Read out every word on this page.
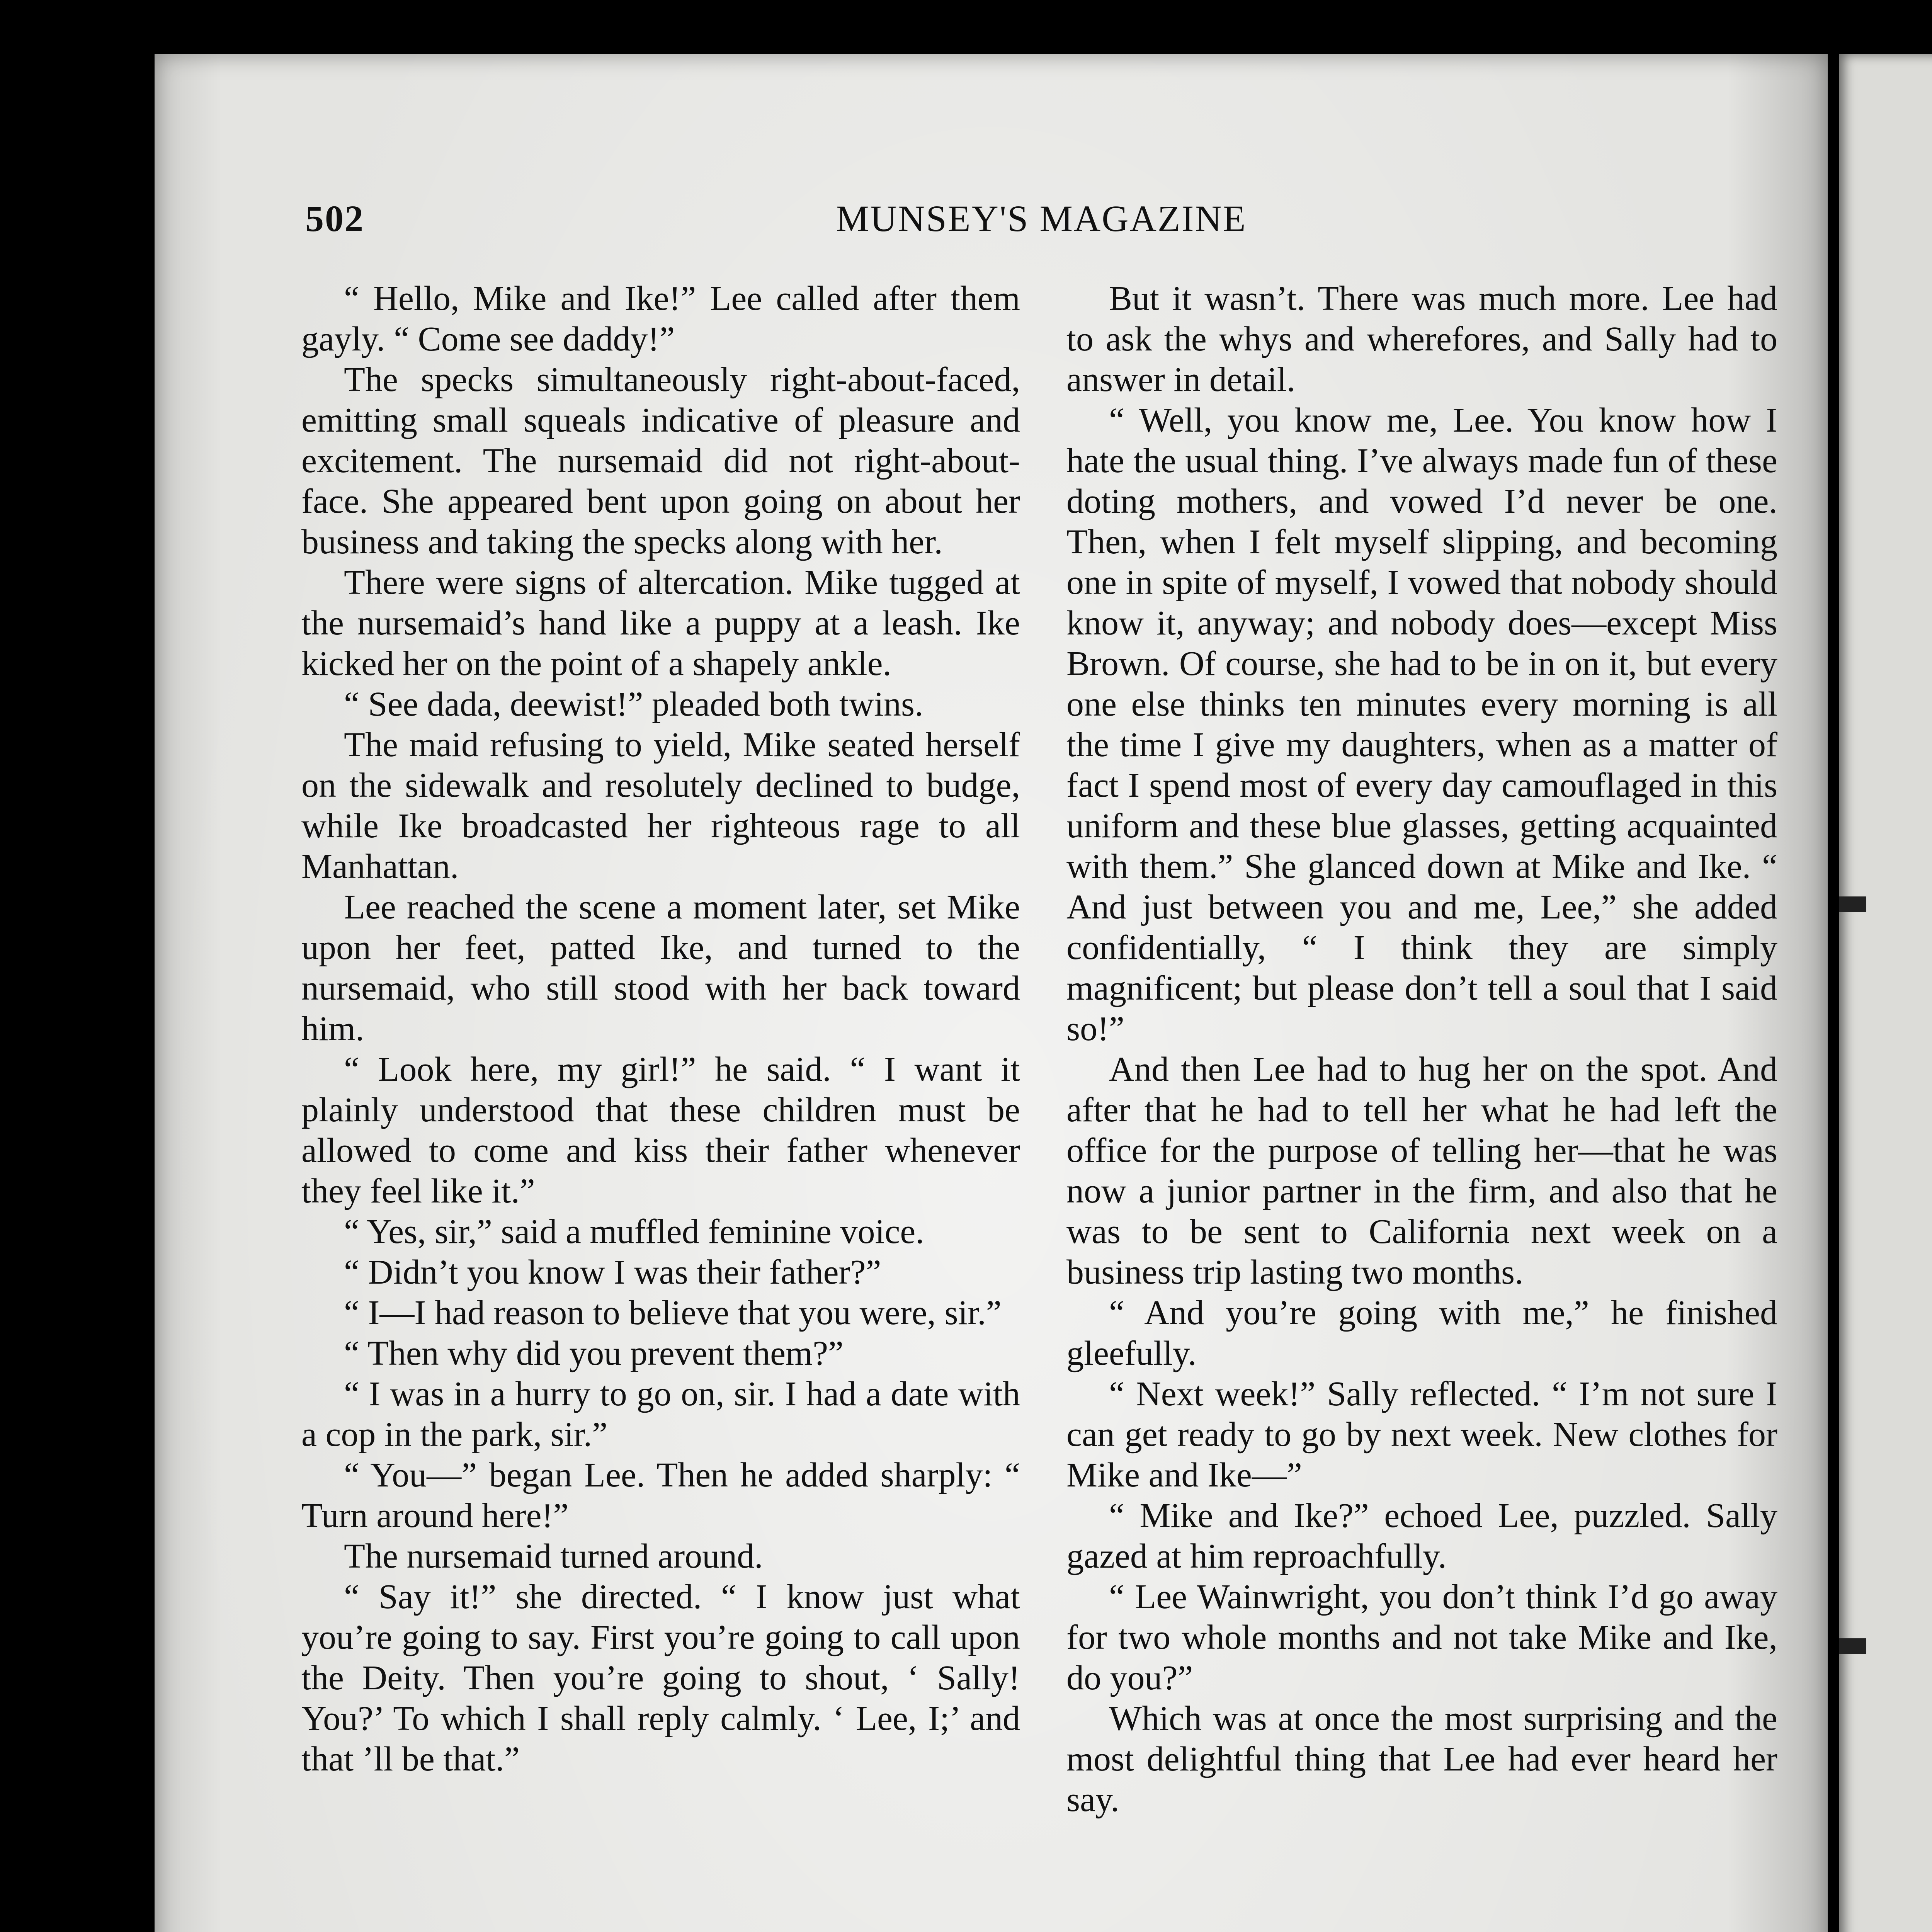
502	MUNSEY'S MAGAZINE

“ Hello, Mike and Ike!” Lee called after them gayly. “ Come see daddy!”

The specks simultaneously right-about-faced, emitting small squeals indicative of pleasure and excitement. The nursemaid did not right-about-face. She appeared bent upon going on about her business and taking the specks along with her.

There were signs of altercation. Mike tugged at the nursemaid’s hand like a puppy at a leash. Ike kicked her on the point of a shapely ankle.

“ See dada, deewist!” pleaded both twins.

The maid refusing to yield, Mike seated herself on the sidewalk and resolutely declined to budge, while Ike broadcasted her righteous rage to all Manhattan.

Lee reached the scene a moment later, set Mike upon her feet, patted Ike, and turned to the nursemaid, who still stood with her back toward him.

“ Look here, my girl!” he said. “ I want it plainly understood that these children must be allowed to come and kiss their father whenever they feel like it.”

“ Yes, sir,” said a muffled feminine voice.

“ Didn’t you know I was their father?”

“ I—I had reason to believe that you were, sir.”

“ Then why did you prevent them?”

“ I was in a hurry to go on, sir. I had a date with a cop in the park, sir.”

“ You—” began Lee. Then he added sharply: “ Turn around here!”

The nursemaid turned around.

“ Say it!” she directed. “ I know just what you’re going to say. First you’re going to call upon the Deity. Then you’re going to shout, ‘ Sally! You?’ To which I shall reply calmly. ‘ Lee, I;’ and that ’ll be that.”

But it wasn’t. There was much more. Lee had to ask the whys and wherefores, and Sally had to answer in detail.

“ Well, you know me, Lee. You know how I hate the usual thing. I’ve always made fun of these doting mothers, and vowed I’d never be one. Then, when I felt myself slipping, and becoming one in spite of myself, I vowed that nobody should know it, anyway; and nobody does—except Miss Brown. Of course, she had to be in on it, but every one else thinks ten minutes every morning is all the time I give my daughters, when as a matter of fact I spend most of every day camouflaged in this uniform and these blue glasses, getting acquainted with them.” She glanced down at Mike and Ike. “ And just between you and me, Lee,” she added confidentially, “ I think they are simply magnificent; but please don’t tell a soul that I said so!”

And then Lee had to hug her on the spot. And after that he had to tell her what he had left the office for the purpose of telling her—that he was now a junior partner in the firm, and also that he was to be sent to California next week on a business trip lasting two months.

“ And you’re going with me,” he finished gleefully.

“ Next week!” Sally reflected. “ I’m not sure I can get ready to go by next week. New clothes for Mike and Ike—”

“ Mike and Ike?” echoed Lee, puzzled. Sally gazed at him reproachfully.

“ Lee Wainwright, you don’t think I’d go away for two whole months and not take Mike and Ike, do you?”

Which was at once the most surprising and the most delightful thing that Lee had ever heard her say.
